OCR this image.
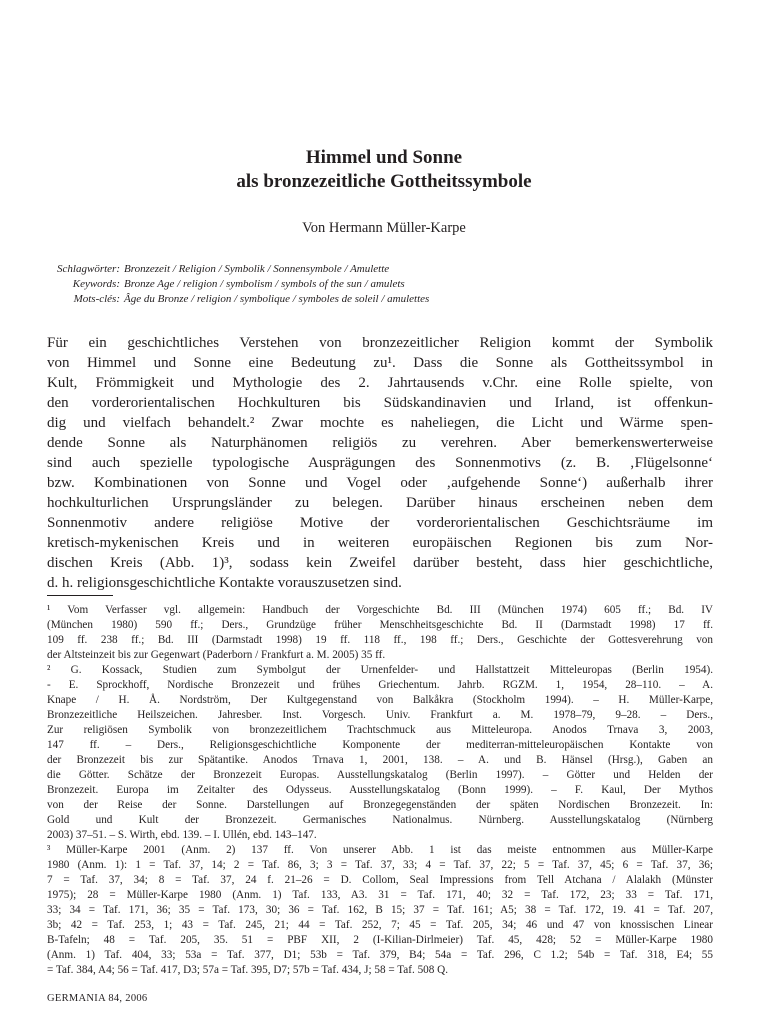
Himmel und Sonne
als bronzezeitliche Gottheitssymbole
Von Hermann Müller-Karpe
Schlagwörter: Bronzezeit / Religion / Symbolik / Sonnensymbole / Amulette
Keywords: Bronze Age / religion / symbolism / symbols of the sun / amulets
Mots-clés: Âge du Bronze / religion / symbolique / symboles de soleil / amulettes
Für ein geschichtliches Verstehen von bronzezeitlicher Religion kommt der Symbolik
von Himmel und Sonne eine Bedeutung zu¹. Dass die Sonne als Gottheitssymbol in
Kult, Frömmigkeit und Mythologie des 2. Jahrtausends v.Chr. eine Rolle spielte, von
den vorderorientalischen Hochkulturen bis Südskandinavien und Irland, ist offenkun-
dig und vielfach behandelt.² Zwar mochte es naheliegen, die Licht und Wärme spen-
dende Sonne als Naturphänomen religiös zu verehren. Aber bemerkenswerterweise
sind auch spezielle typologische Ausprägungen des Sonnenmotivs (z. B. ‚Flügelsonne‘
bzw. Kombinationen von Sonne und Vogel oder ‚aufgehende Sonne‘) außerhalb ihrer
hochkulturlichen Ursprungsländer zu belegen. Darüber hinaus erscheinen neben dem
Sonnenmotiv andere religiöse Motive der vorderorientalischen Geschichtsräume im
kretisch-mykenischen Kreis und in weiteren europäischen Regionen bis zum Nor-
dischen Kreis (Abb. 1)³, sodass kein Zweifel darüber besteht, dass hier geschichtliche,
d. h. religionsgeschichtliche Kontakte vorauszusetzen sind.
¹ Vom Verfasser vgl. allgemein: Handbuch der Vorgeschichte Bd. III (München 1974) 605 ff.; Bd. IV
(München 1980) 590 ff.; Ders., Grundzüge früher Menschheitsgeschichte Bd. II (Darmstadt 1998) 17 ff.
109 ff. 238 ff.; Bd. III (Darmstadt 1998) 19 ff. 118 ff., 198 ff.; Ders., Geschichte der Gottesverehrung von
der Altsteinzeit bis zur Gegenwart (Paderborn / Frankfurt a. M. 2005) 35 ff.
² G. Kossack, Studien zum Symbolgut der Urnenfelder- und Hallstattzeit Mitteleuropas (Berlin 1954).
- E. Sprockhoff, Nordische Bronzezeit und frühes Griechentum. Jahrb. RGZM. 1, 1954, 28–110. – A.
Knape / H. Å. Nordström, Der Kultgegenstand von Balkåkra (Stockholm 1994). – H. Müller-Karpe,
Bronzezeitliche Heilszeichen. Jahresber. Inst. Vorgesch. Univ. Frankfurt a. M. 1978–79, 9–28. – Ders.,
Zur religiösen Symbolik von bronzezeitlichem Trachtschmuck aus Mitteleuropa. Anodos Trnava 3, 2003,
147 ff. – Ders., Religionsgeschichtliche Komponente der mediterran-mitteleuropäischen Kontakte von
der Bronzezeit bis zur Spätantike. Anodos Trnava 1, 2001, 138. – A. und B. Hänsel (Hrsg.), Gaben an
die Götter. Schätze der Bronzezeit Europas. Ausstellungskatalog (Berlin 1997). – Götter und Helden der
Bronzezeit. Europa im Zeitalter des Odysseus. Ausstellungskatalog (Bonn 1999). – F. Kaul, Der Mythos
von der Reise der Sonne. Darstellungen auf Bronzegegenständen der späten Nordischen Bronzezeit. In:
Gold und Kult der Bronzezeit. Germanisches Nationalmus. Nürnberg. Ausstellungskatalog (Nürnberg
2003) 37–51. – S. Wirth, ebd. 139. – I. Ullén, ebd. 143–147.
³ Müller-Karpe 2001 (Anm. 2) 137 ff. Von unserer Abb. 1 ist das meiste entnommen aus Müller-Karpe
1980 (Anm. 1): 1 = Taf. 37, 14; 2 = Taf. 86, 3; 3 = Taf. 37, 33; 4 = Taf. 37, 22; 5 = Taf. 37, 45; 6 = Taf. 37, 36;
7 = Taf. 37, 34; 8 = Taf. 37, 24 f. 21–26 = D. Collom, Seal Impressions from Tell Atchana / Alalakh (Münster
1975); 28 = Müller-Karpe 1980 (Anm. 1) Taf. 133, A3. 31 = Taf. 171, 40; 32 = Taf. 172, 23; 33 = Taf. 171,
33; 34 = Taf. 171, 36; 35 = Taf. 173, 30; 36 = Taf. 162, B 15; 37 = Taf. 161; A5; 38 = Taf. 172, 19. 41 = Taf. 207,
3b; 42 = Taf. 253, 1; 43 = Taf. 245, 21; 44 = Taf. 252, 7; 45 = Taf. 205, 34; 46 und 47 von knossischen Linear
B-Tafeln; 48 = Taf. 205, 35. 51 = PBF XII, 2 (I-Kilian-Dirlmeier) Taf. 45, 428; 52 = Müller-Karpe 1980
(Anm. 1) Taf. 404, 33; 53a = Taf. 377, D1; 53b = Taf. 379, B4; 54a = Taf. 296, C 1.2; 54b = Taf. 318, E4; 55
= Taf. 384, A4; 56 = Taf. 417, D3; 57a = Taf. 395, D7; 57b = Taf. 434, J; 58 = Taf. 508 Q.
GERMANIA 84, 2006
